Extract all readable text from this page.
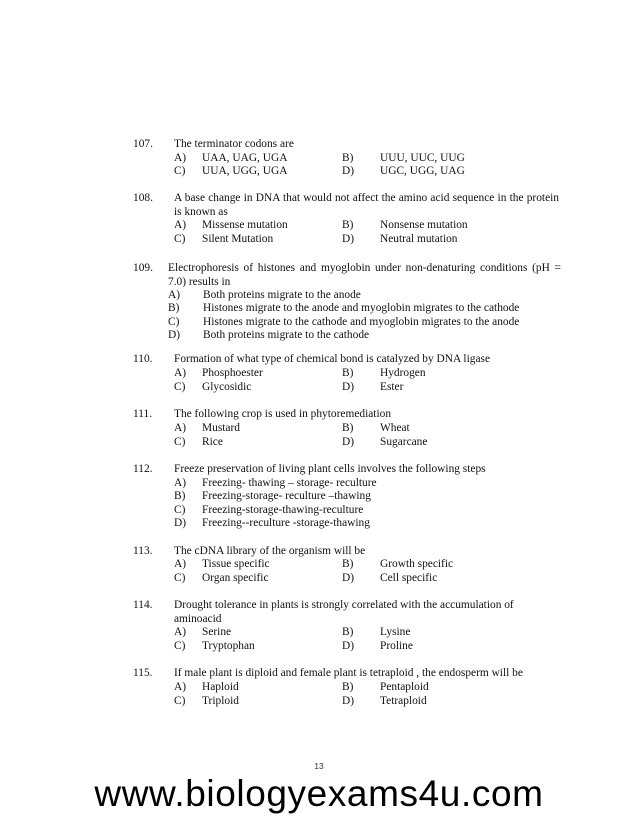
107. The terminator codons are
A) UAA, UAG, UGA	B) UUU, UUC, UUG
C) UUA, UGG, UGA	D) UGC, UGG, UAG
108. A base change in DNA that would not affect the amino acid sequence in the protein is known as
A) Missense mutation	B) Nonsense mutation
C) Silent Mutation	D) Neutral mutation
109. Electrophoresis of histones and myoglobin under non-denaturing conditions (pH = 7.0) results in
A) Both proteins migrate to the anode
B) Histones migrate to the anode and myoglobin migrates to the cathode
C) Histones migrate to the cathode and myoglobin migrates to the anode
D) Both proteins migrate to the cathode
110. Formation of what type of chemical bond is catalyzed by DNA ligase
A) Phosphoester	B) Hydrogen
C) Glycosidic	D) Ester
111. The following crop is used in phytoremediation
A) Mustard	B) Wheat
C) Rice	D) Sugarcane
112. Freeze preservation of living plant cells involves the following steps
A) Freezing- thawing – storage- reculture
B) Freezing-storage- reculture –thawing
C) Freezing-storage-thawing-reculture
D) Freezing--reculture -storage-thawing
113. The cDNA library of the organism will be
A) Tissue specific	B) Growth specific
C) Organ specific	D) Cell specific
114. Drought tolerance in plants is strongly correlated with the accumulation of aminoacid
A) Serine	B) Lysine
C) Tryptophan	D) Proline
115. If male plant is diploid and female plant is tetraploid , the endosperm will be
A) Haploid	B) Pentaploid
C) Triploid	D) Tetraploid
13
www.biologyexams4u.com
